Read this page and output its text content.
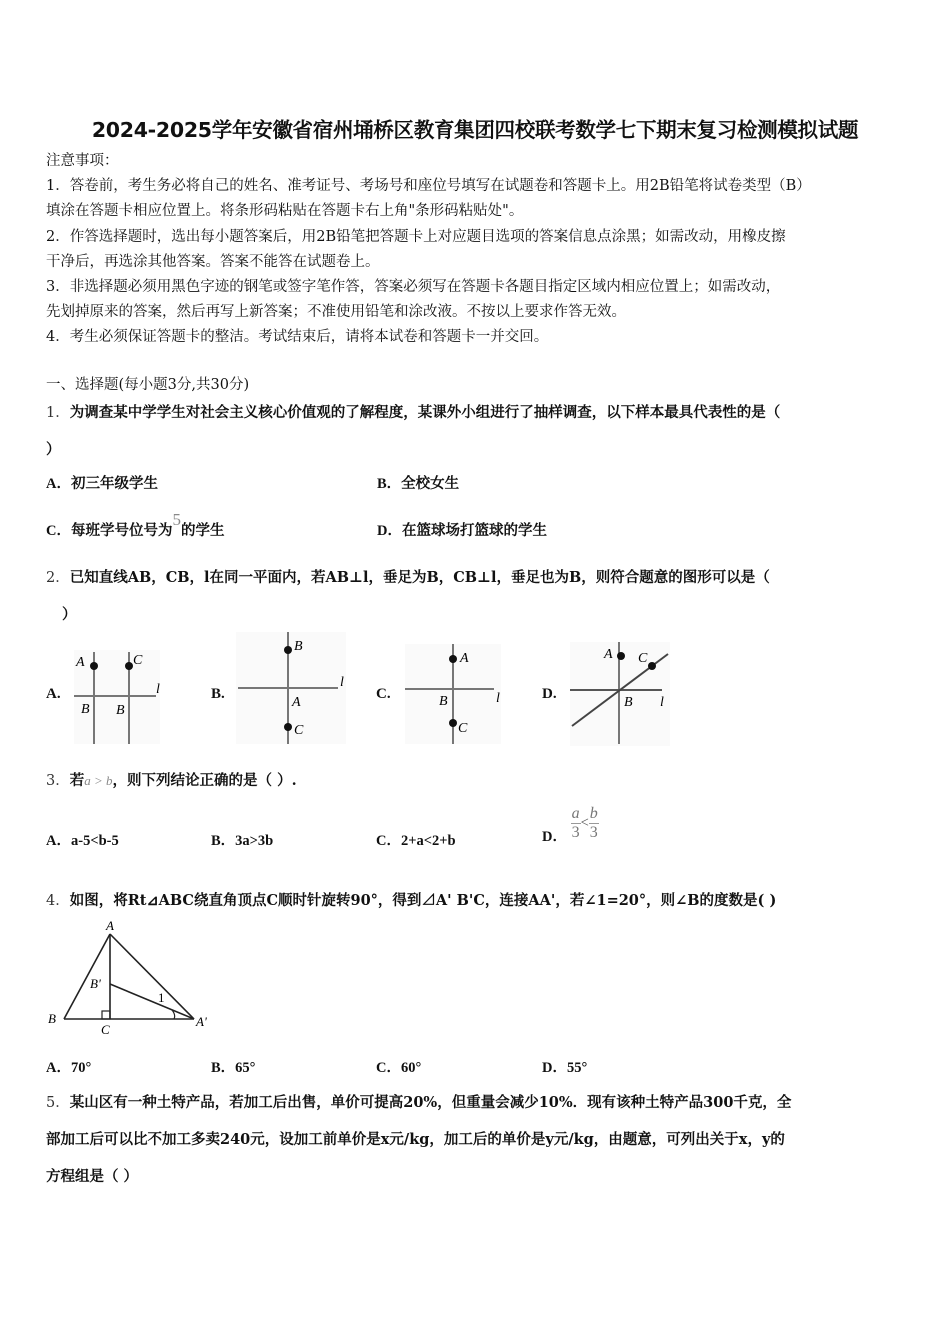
2024-2025学年安徽省宿州埇桥区教育集团四校联考数学七下期末复习检测模拟试题
注意事项：
1．答卷前，考生务必将自己的姓名、准考证号、考场号和座位号填写在试题卷和答题卡上。用2B铅笔将试卷类型（B）
填涂在答题卡相应位置上。将条形码粘贴在答题卡右上角"条形码粘贴处"。
2．作答选择题时，选出每小题答案后，用2B铅笔把答题卡上对应题目选项的答案信息点涂黑；如需改动，用橡皮擦
干净后，再选涂其他答案。答案不能答在试题卷上。
3．非选择题必须用黑色字迹的钢笔或签字笔作答，答案必须写在答题卡各题目指定区域内相应位置上；如需改动，
先划掉原来的答案，然后再写上新答案；不准使用铅笔和涂改液。不按以上要求作答无效。
4．考生必须保证答题卡的整洁。考试结束后，请将本试卷和答题卡一并交回。
一、选择题(每小题3分,共30分)
1．为调查某中学学生对社会主义核心价值观的了解程度，某课外小组进行了抽样调查，以下样本最具代表性的是（
）
A．初三年级学生	B．全校女生
C．每班学号位号为5的学生	D．在篮球场打篮球的学生
2．已知直线AB，CB，l在同一平面内，若AB⊥l，垂足为B，CB⊥l，垂足也为B，则符合题意的图形可以是（
）
A.
A	C
B B
l	B.
B
A
C
l
C.
A
B
C
l	D.
A C
B l
3．若a > b，则下列结论正确的是（ ）.
A．a-5<b-5	B．3a>3b	C．2+a<2+b	D． $\frac{a}{3} < \frac{b}{3}$
4．如图，将Rt⊿ABC绕直角顶点C顺时针旋转90°，得到⊿A' B'C，连接AA'，若∠1=20°，则∠B的度数是( )
A
B'
1
B
C
A'
A．70°	B．65°	C．60°	D．55°
5．某山区有一种土特产品，若加工后出售，单价可提高20%，但重量会减少10%．现有该种土特产品300千克，全
部加工后可以比不加工多卖240元，设加工前单价是x元/kg，加工后的单价是y元/kg，由题意，可列出关于x，y的
方程组是（ ）
